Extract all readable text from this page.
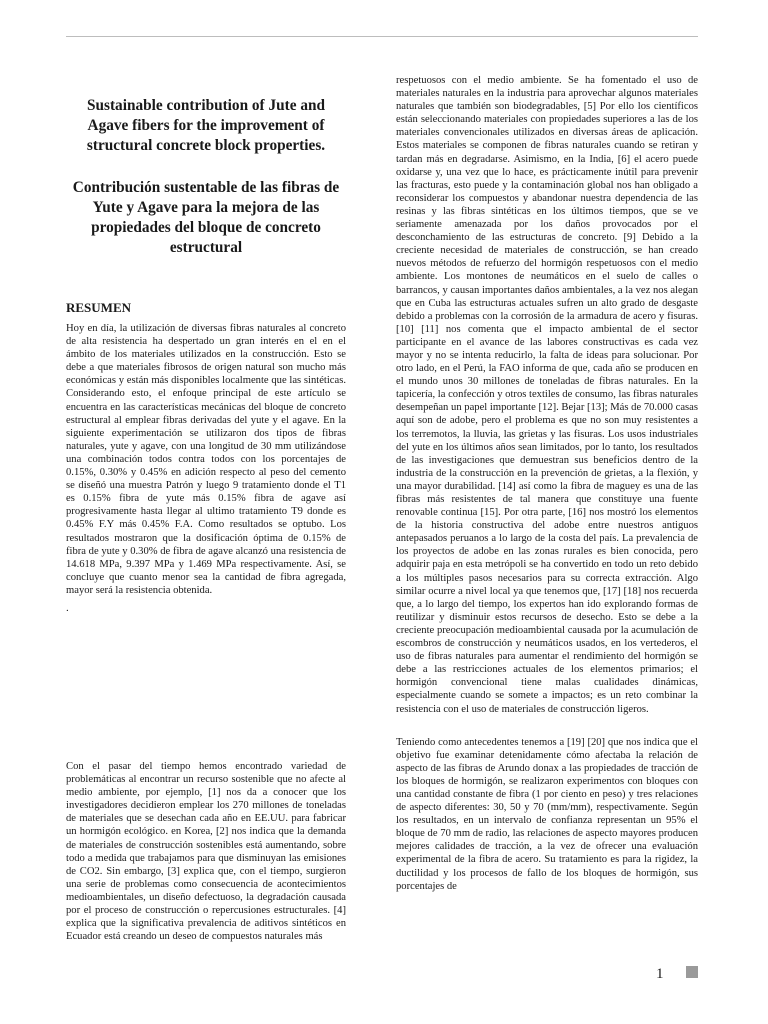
Sustainable contribution of Jute and Agave fibers for the improvement of structural concrete block properties.
Contribución sustentable de las fibras de Yute y Agave para la mejora de las propiedades del bloque de concreto estructural
RESUMEN

Hoy en día, la utilización de diversas fibras naturales al concreto de alta resistencia ha despertado un gran interés en el en el ámbito de los materiales utilizados en la construcción. Esto se debe a que materiales fibrosos de origen natural son mucho más económicas y están más disponibles localmente que las sintéticas. Considerando esto, el enfoque principal de este artículo se encuentra en las características mecánicas del bloque de concreto estructural al emplear fibras derivadas del yute y el agave. En la siguiente experimentación se utilizaron dos tipos de fibras naturales, yute y agave, con una longitud de 30 mm utilizándose una combinación todos contra todos con los porcentajes de 0.15%, 0.30% y 0.45% en adición respecto al peso del cemento se diseñó una muestra Patrón y luego 9 tratamiento donde el T1 es 0.15% fibra de yute más 0.15% fibra de agave así progresivamente hasta llegar al ultimo tratamiento T9 donde es 0.45% F.Y más 0.45% F.A. Como resultados se optubo. Los resultados mostraron que la dosificación óptima de 0.15% de fibra de yute y 0.30% de fibra de agave alcanzó una resistencia de 14.618 MPa, 9.397 MPa y 1.469 MPa respectivamente. Así, se concluye que cuanto menor sea la cantidad de fibra agregada, mayor será la resistencia obtenida.

.

Con el pasar del tiempo hemos encontrado variedad de problemáticas al encontrar un recurso sostenible que no afecte al medio ambiente, por ejemplo, [1] nos da a conocer que los investigadores decidieron emplear los 270 millones de toneladas de materiales que se desechan cada año en EE.UU. para fabricar un hormigón ecológico. en Korea, [2] nos indica que la demanda de materiales de construcción sostenibles está aumentando, sobre todo a medida que trabajamos para que disminuyan las emisiones de CO2. Sin embargo, [3] explica que, con el tiempo, surgieron una serie de problemas como consecuencia de acontecimientos medioambientales, un diseño defectuoso, la degradación causada por el proceso de construcción o repercusiones estructurales. [4] explica que la significativa prevalencia de aditivos sintéticos en Ecuador está creando un deseo de compuestos naturales más

respetuosos con el medio ambiente. Se ha fomentado el uso de materiales naturales en la industria para aprovechar algunos materiales naturales que también son biodegradables, [5] Por ello los científicos están seleccionando materiales con propiedades superiores a las de los materiales convencionales utilizados en diversas áreas de aplicación. Estos materiales se componen de fibras naturales cuando se retiran y tardan más en degradarse. Asimismo, en la India, [6] el acero puede oxidarse y, una vez que lo hace, es prácticamente inútil para prevenir las fracturas, esto puede y la contaminación global nos han obligado a reconsiderar los compuestos y abandonar nuestra dependencia de las resinas y las fibras sintéticas en los últimos tiempos, que se ve seriamente amenazada por los daños provocados por el desconchamiento de las estructuras de concreto. [9] Debido a la creciente necesidad de materiales de construcción, se han creado nuevos métodos de refuerzo del hormigón respetuosos con el medio ambiente. Los montones de neumáticos en el suelo de calles o barrancos, y causan importantes daños ambientales, a la vez nos alegan que en Cuba las estructuras actuales sufren un alto grado de desgaste debido a problemas con la corrosión de la armadura de acero y fisuras. [10] [11] nos comenta que el impacto ambiental de el sector participante en el avance de las labores constructivas es cada vez mayor y no se intenta reducirlo, la falta de ideas para solucionar. Por otro lado, en el Perú, la FAO informa de que, cada año se producen en el mundo unos 30 millones de toneladas de fibras naturales. En la tapicería, la confección y otros textiles de consumo, las fibras naturales desempeñan un papel importante [12]. Bejar [13]; Más de 70.000 casas aquí son de adobe, pero el problema es que no son muy resistentes a los terremotos, la lluvia, las grietas y las fisuras. Los usos industriales del yute en los últimos años sean limitados, por lo tanto, los resultados de las investigaciones que demuestran sus beneficios dentro de la industria de la construcción en la prevención de grietas, a la flexión, y una mayor durabilidad. [14] así como la fibra de maguey es una de las fibras más resistentes de tal manera que constituye una fuente renovable continua [15]. Por otra parte, [16] nos mostró los elementos de la historia constructiva del adobe entre nuestros antiguos antepasados peruanos a lo largo de la costa del país. La prevalencia de los proyectos de adobe en las zonas rurales es bien conocida, pero adquirir paja en esta metrópoli se ha convertido en todo un reto debido a los múltiples pasos necesarios para su correcta extracción. Algo similar ocurre a nivel local ya que tenemos que, [17] [18] nos recuerda que, a lo largo del tiempo, los expertos han ido explorando formas de reutilizar y disminuir estos recursos de desecho. Esto se debe a la creciente preocupación medioambiental causada por la acumulación de escombros de construcción y neumáticos usados, en los vertederos, el uso de fibras naturales para aumentar el rendimiento del hormigón se debe a las restricciones actuales de los elementos primarios; el hormigón convencional tiene malas cualidades dinámicas, especialmente cuando se somete a impactos; es un reto combinar la resistencia con el uso de materiales de construcción ligeros.

Teniendo como antecedentes tenemos a [19] [20] que nos indica que el objetivo fue examinar detenidamente cómo afectaba la relación de aspecto de las fibras de Arundo donax a las propiedades de tracción de los bloques de hormigón, se realizaron experimentos con bloques con una cantidad constante de fibra (1 por ciento en peso) y tres relaciones de aspecto diferentes: 30, 50 y 70 (mm/mm), respectivamente. Según los resultados, en un intervalo de confianza representan un 95% el bloque de 70 mm de radio, las relaciones de aspecto mayores producen mejores calidades de tracción, a la vez de ofrecer una evaluación experimental de la fibra de acero. Su tratamiento es para la rigidez, la ductilidad y los procesos de fallo de los bloques de hormigón, sus porcentajes de

1
